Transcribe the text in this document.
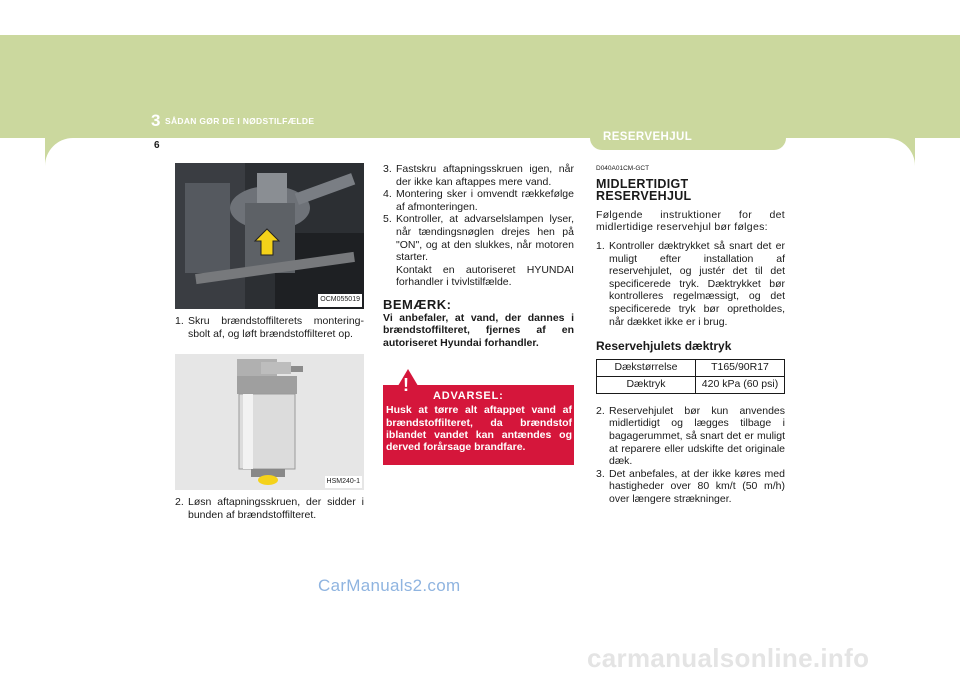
3 SÅDAN GØR DE I NØDSTILFÆLDE
6
RESERVEHJUL
OCM055019
1. Skru brændstoffilterets montering-sbolt af, og løft brændstoffilteret op.
HSM240-1
2. Løsn aftapningsskruen, der sidder i bunden af brændstoffilteret.
3. Fastskru aftapningsskruen igen, når der ikke kan aftappes mere vand.
4. Montering sker i omvendt rækkefølge af afmonteringen.
5. Kontroller, at advarselslampen lyser, når tændingsnøglen drejes hen på "ON", og at den slukkes, når motoren starter.
Kontakt en autoriseret HYUNDAI forhandler i tvivlstilfælde.
BEMÆRK:
Vi anbefaler, at vand, der dannes i brændstoffilteret, fjernes af en autoriseret Hyundai forhandler.
!
ADVARSEL:
Husk at tørre alt aftappet vand af brændstoffilteret, da brændstof iblandet vandet kan antændes og derved forårsage brandfare.
D040A01CM-GCT
MIDLERTIDIGT RESERVEHJUL
Følgende instruktioner for det midlertidige reservehjul bør følges:
1. Kontroller dæktrykket så snart det er muligt efter installation af reservehjulet, og justér det til det specificerede tryk. Dæktrykket bør kontrolleres regelmæssigt, og det specificerede tryk bør opretholdes, når dækket ikke er i brug.
Reservehjulets dæktryk
Dækstørrelse	T165/90R17
Dæktryk	420 kPa (60 psi)
2. Reservehjulet bør kun anvendes midlertidigt og lægges tilbage i bagagerummet, så snart det er muligt at reparere eller udskifte det originale dæk.
3. Det anbefales, at der ikke køres med hastigheder over 80 km/t (50 m/h) over længere strækninger.
CarManuals2.com
carmanualsonline.info
